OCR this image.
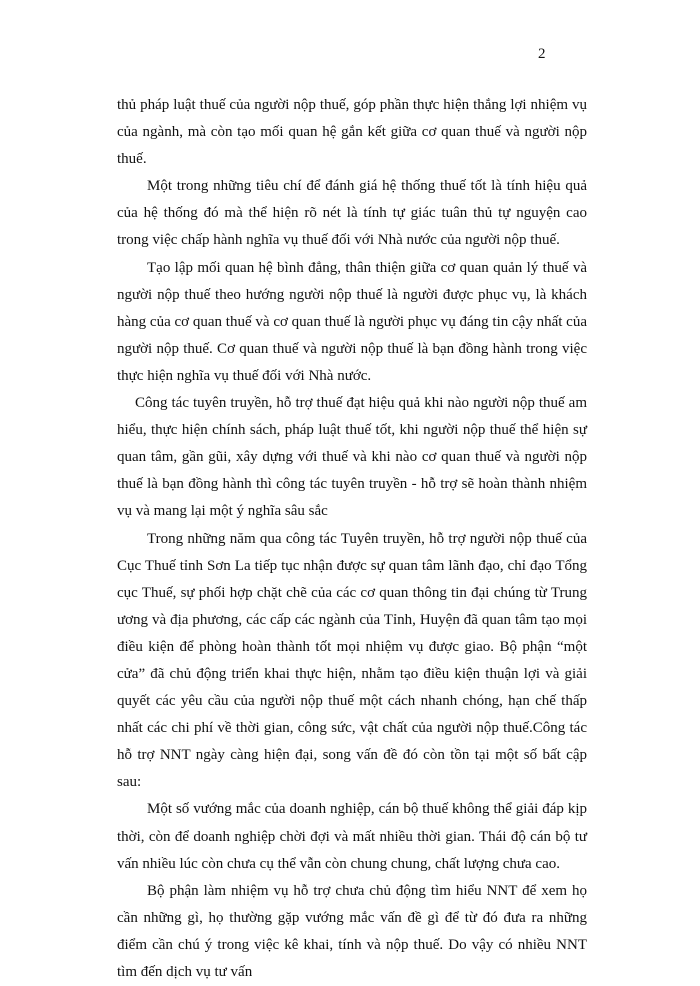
2

thủ pháp luật thuế của người nộp thuế, góp phần thực hiện thắng lợi nhiệm vụ của ngành, mà còn tạo mối quan hệ gắn kết giữa cơ quan thuế và người nộp thuế.

Một trong những tiêu chí để đánh giá hệ thống thuế tốt là tính hiệu quả của hệ thống đó mà thể hiện rõ nét là tính tự giác tuân thủ tự nguyện cao trong việc chấp hành nghĩa vụ thuế đối với Nhà nước của người nộp thuế.

Tạo lập mối quan hệ bình đẳng, thân thiện giữa cơ quan quản lý thuế và người nộp thuế theo hướng người nộp thuế là người được phục vụ, là khách hàng của cơ quan thuế và cơ quan thuế là người phục vụ đáng tin cậy nhất của người nộp thuế. Cơ quan thuế và người nộp thuế là bạn đồng hành trong việc thực hiện nghĩa vụ thuế đối với Nhà nước.

Công tác tuyên truyền, hỗ trợ thuế đạt hiệu quả khi nào người nộp thuế am hiểu, thực hiện chính sách, pháp luật thuế tốt, khi người nộp thuế thể hiện sự quan tâm, gần gũi, xây dựng với thuế và khi nào cơ quan thuế và người nộp thuế là bạn đồng hành thì công tác tuyên truyền - hỗ trợ sẽ hoàn thành nhiệm vụ và mang lại một ý nghĩa sâu sắc

Trong những năm qua công tác Tuyên truyền, hỗ trợ người nộp thuế của Cục Thuế tỉnh Sơn La tiếp tục nhận được sự quan tâm lãnh đạo, chỉ đạo Tổng cục Thuế, sự phối hợp chặt chẽ của các cơ quan thông tin đại chúng từ Trung ương và địa phương, các cấp các ngành của Tỉnh, Huyện đã quan tâm tạo mọi điều kiện để phòng hoàn thành tốt mọi nhiệm vụ được giao. Bộ phận “một cửa” đã chủ động triển khai thực hiện, nhằm tạo điều kiện thuận lợi và giải quyết các yêu cầu của người nộp thuế một cách nhanh chóng, hạn chế thấp nhất các chi phí về thời gian, công sức, vật chất của người nộp thuế.Công tác hỗ trợ NNT ngày càng hiện đại, song vấn đề đó còn tồn tại một số bất cập sau:

Một số vướng mắc của doanh nghiệp, cán bộ thuế không thể giải đáp kịp thời, còn để doanh nghiệp chời đợi và mất nhiều thời gian. Thái độ cán bộ tư vấn nhiều lúc còn chưa cụ thể vẫn còn chung chung, chất lượng chưa cao.

Bộ phận làm nhiệm vụ hỗ trợ chưa chủ động tìm hiểu NNT để xem họ cần những gì, họ thường gặp vướng mắc vấn đề gì để từ đó đưa ra những điểm cần chú ý trong việc kê khai, tính và nộp thuế. Do vậy có nhiều NNT tìm đến dịch vụ tư vấn
